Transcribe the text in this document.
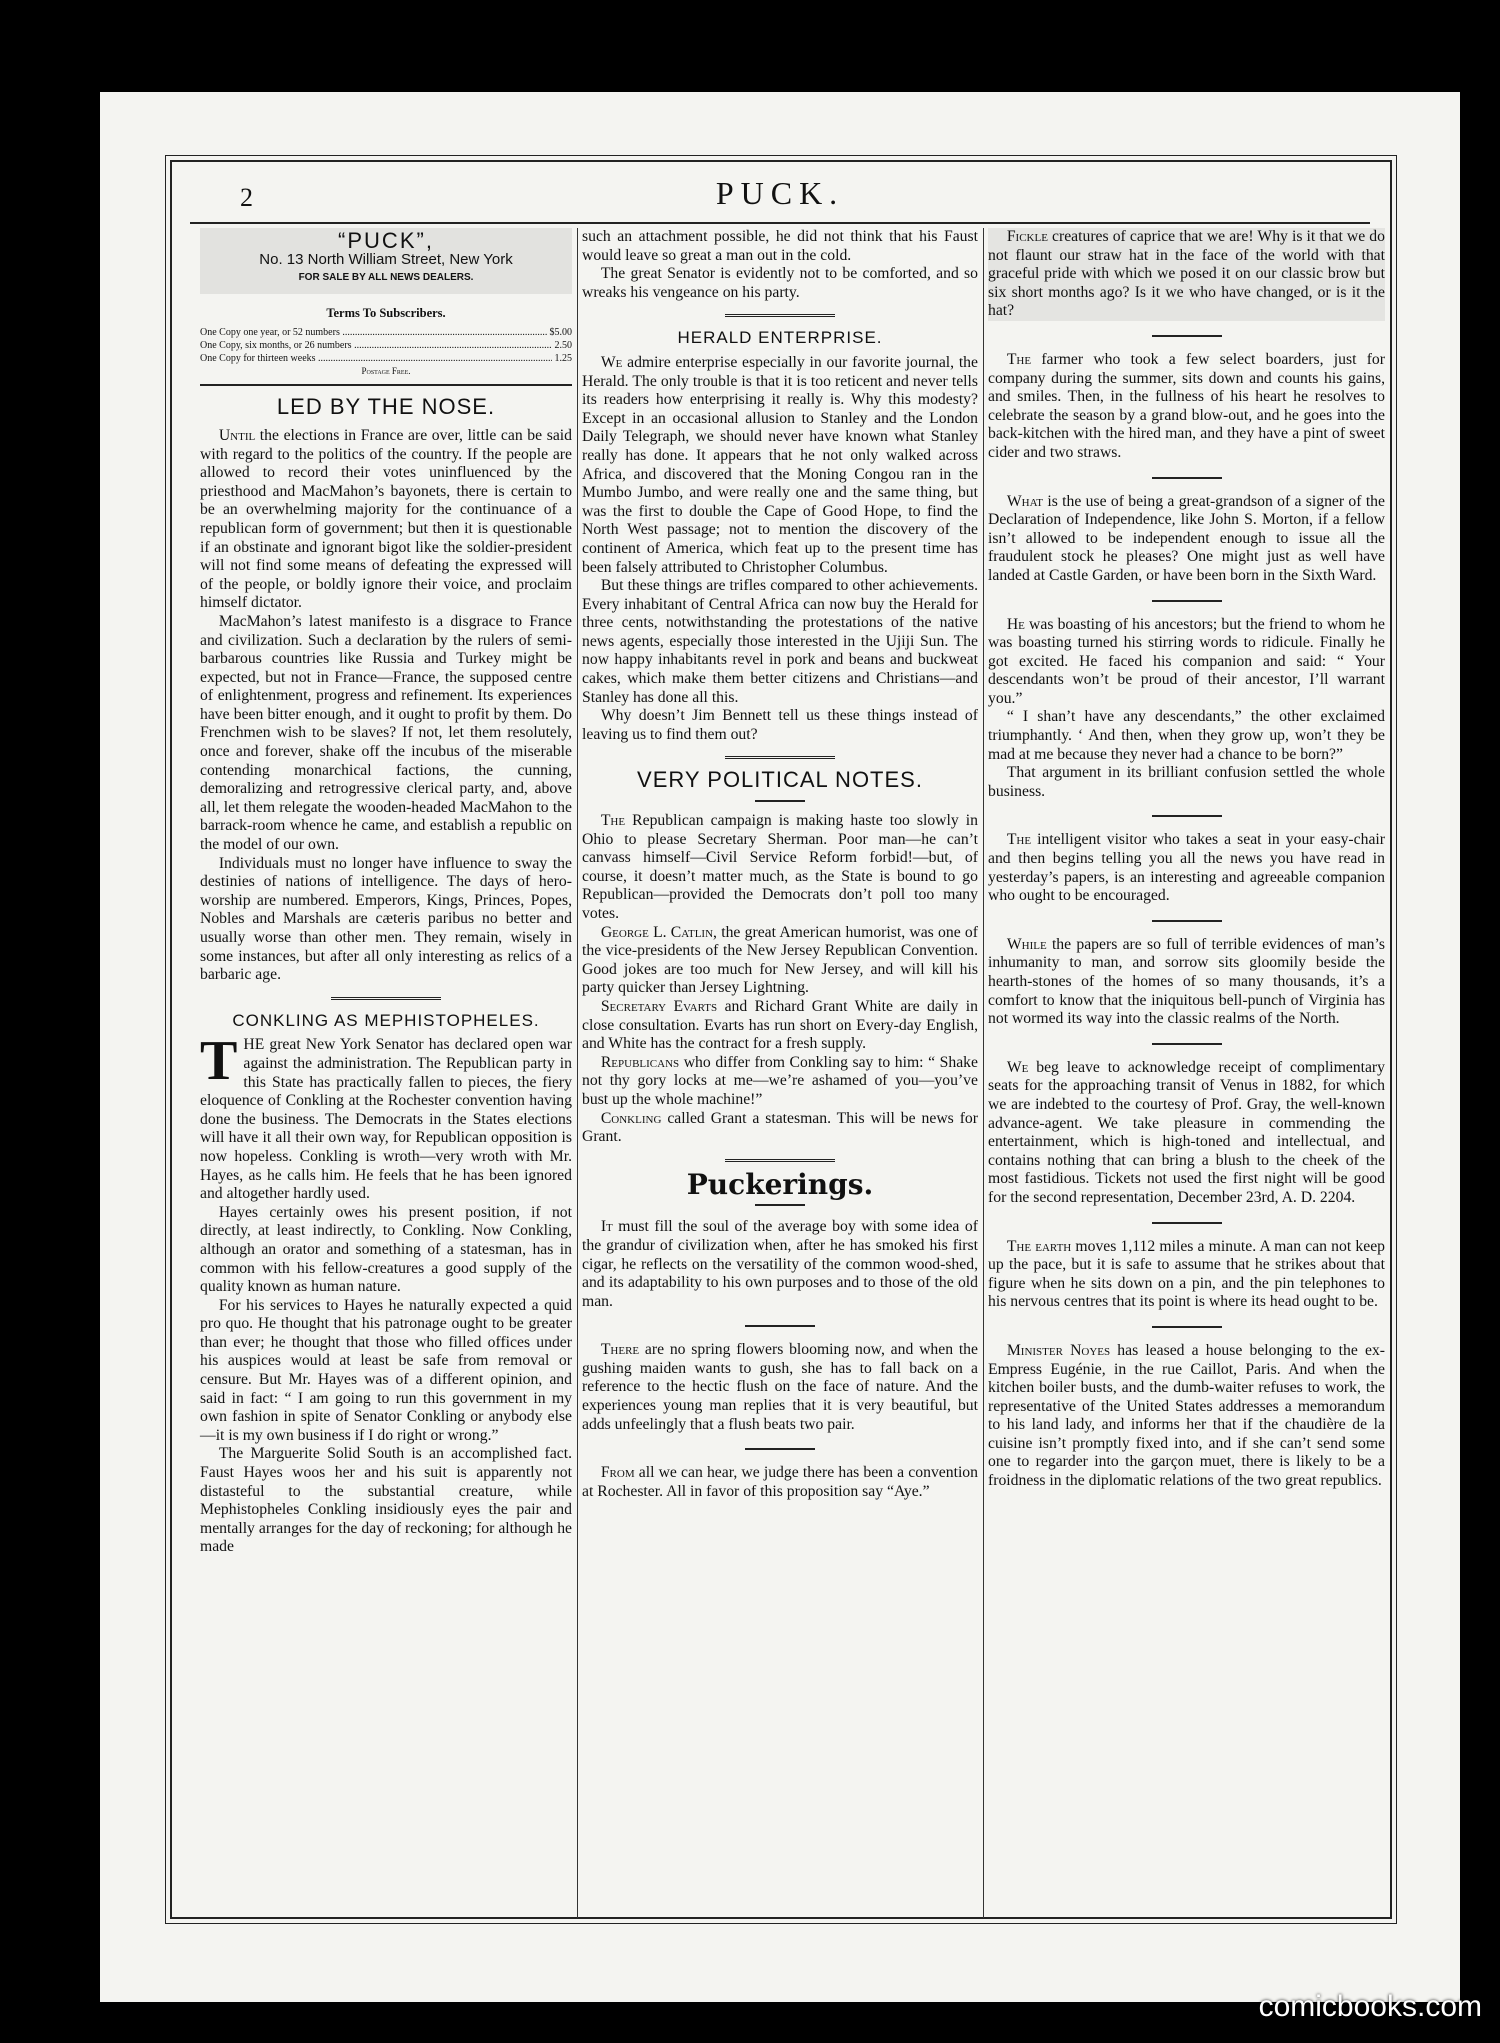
2	PUCK.
“PUCK”,
No. 13 North William Street, New York
FOR SALE BY ALL NEWS DEALERS.
Terms To Subscribers.
One Copy one year, or 52 numbers .....	$5.00
One Copy, six months, or 26 numbers .....	2.50
One Copy for thirteen weeks .....	1.25
Postage Free.
LED BY THE NOSE.

Until the elections in France are over, little can be said with regard to the politics of the country. If the people are allowed to record their votes uninfluenced by the priesthood and MacMahon’s bayonets, there is certain to be an overwhelming majority for the continuance of a republican form of government; but then it is questionable if an obstinate and ignorant bigot like the soldier-president will not find some means of defeating the expressed will of the people, or boldly ignore their voice, and proclaim himself dictator.

MacMahon’s latest manifesto is a disgrace to France and civilization. Such a declaration by the rulers of semi-barbarous countries like Russia and Turkey might be expected, but not in France—France, the supposed centre of enlightenment, progress and refinement. Its experiences have been bitter enough, and it ought to profit by them. Do Frenchmen wish to be slaves? If not, let them resolutely, once and forever, shake off the incubus of the miserable contending monarchical factions, the cunning, demoralizing and retrogressive clerical party, and, above all, let them relegate the wooden-headed MacMahon to the barrack-room whence he came, and establish a republic on the model of our own.

Individuals must no longer have influence to sway the destinies of nations of intelligence. The days of hero-worship are numbered. Emperors, Kings, Princes, Popes, Nobles and Marshals are cæteris paribus no better and usually worse than other men. They remain, wisely in some instances, but after all only interesting as relics of a barbaric age.

CONKLING AS MEPHISTOPHELES.

THE great New York Senator has declared open war against the administration. The Republican party in this State has practically fallen to pieces, the fiery eloquence of Conkling at the Rochester convention having done the business. The Democrats in the States elections will have it all their own way, for Republican opposition is now hopeless. Conkling is wroth—very wroth with Mr. Hayes, as he calls him. He feels that he has been ignored and altogether hardly used.

Hayes certainly owes his present position, if not directly, at least indirectly, to Conkling. Now Conkling, although an orator and something of a statesman, has in common with his fellow-creatures a good supply of the quality known as human nature.

For his services to Hayes he naturally expected a quid pro quo. He thought that his patronage ought to be greater than ever; he thought that those who filled offices under his auspices would at least be safe from removal or censure. But Mr. Hayes was of a different opinion, and said in fact: “ I am going to run this government in my own fashion in spite of Senator Conkling or anybody else—it is my own business if I do right or wrong.”

The Marguerite Solid South is an accomplished fact. Faust Hayes woos her and his suit is apparently not distasteful to the substantial creature, while Mephistopheles Conkling insidiously eyes the pair and mentally arranges for the day of reckoning; for although he made

such an attachment possible, he did not think that his Faust would leave so great a man out in the cold.

The great Senator is evidently not to be comforted, and so wreaks his vengeance on his party.

HERALD ENTERPRISE.

We admire enterprise especially in our favorite journal, the Herald. The only trouble is that it is too reticent and never tells its readers how enterprising it really is. Why this modesty? Except in an occasional allusion to Stanley and the London Daily Telegraph, we should never have known what Stanley really has done. It appears that he not only walked across Africa, and discovered that the Moning Congou ran in the Mumbo Jumbo, and were really one and the same thing, but was the first to double the Cape of Good Hope, to find the North West passage; not to mention the discovery of the continent of America, which feat up to the present time has been falsely attributed to Christopher Columbus.

But these things are trifles compared to other achievements. Every inhabitant of Central Africa can now buy the Herald for three cents, notwithstanding the protestations of the native news agents, especially those interested in the Ujiji Sun. The now happy inhabitants revel in pork and beans and buckweat cakes, which make them better citizens and Christians—and Stanley has done all this.

Why doesn’t Jim Bennett tell us these things instead of leaving us to find them out?

VERY POLITICAL NOTES.

The Republican campaign is making haste too slowly in Ohio to please Secretary Sherman. Poor man—he can’t canvass himself—Civil Service Reform forbid!—but, of course, it doesn’t matter much, as the State is bound to go Republican—provided the Democrats don’t poll too many votes.

George L. Catlin, the great American humorist, was one of the vice-presidents of the New Jersey Republican Convention. Good jokes are too much for New Jersey, and will kill his party quicker than Jersey Lightning.

Secretary Evarts and Richard Grant White are daily in close consultation. Evarts has run short on Every-day English, and White has the contract for a fresh supply.

Republicans who differ from Conkling say to him: “ Shake not thy gory locks at me—we’re ashamed of you—you’ve bust up the whole machine!”

Conkling called Grant a statesman. This will be news for Grant.

Puckerings.

It must fill the soul of the average boy with some idea of the grandur of civilization when, after he has smoked his first cigar, he reflects on the versatility of the common wood-shed, and its adaptability to his own purposes and to those of the old man.

There are no spring flowers blooming now, and when the gushing maiden wants to gush, she has to fall back on a reference to the hectic flush on the face of nature. And the experiences young man replies that it is very beautiful, but adds unfeelingly that a flush beats two pair.

From all we can hear, we judge there has been a convention at Rochester. All in favor of this proposition say “Aye.”

Fickle creatures of caprice that we are! Why is it that we do not flaunt our straw hat in the face of the world with that graceful pride with which we posed it on our classic brow but six short months ago? Is it we who have changed, or is it the hat?

The farmer who took a few select boarders, just for company during the summer, sits down and counts his gains, and smiles. Then, in the fullness of his heart he resolves to celebrate the season by a grand blow-out, and he goes into the back-kitchen with the hired man, and they have a pint of sweet cider and two straws.

What is the use of being a great-grandson of a signer of the Declaration of Independence, like John S. Morton, if a fellow isn’t allowed to be independent enough to issue all the fraudulent stock he pleases? One might just as well have landed at Castle Garden, or have been born in the Sixth Ward.

He was boasting of his ancestors; but the friend to whom he was boasting turned his stirring words to ridicule. Finally he got excited. He faced his companion and said: “ Your descendants won’t be proud of their ancestor, I’ll warrant you.”

“ I shan’t have any descendants,” the other exclaimed triumphantly. ‘ And then, when they grow up, won’t they be mad at me because they never had a chance to be born?”

That argument in its brilliant confusion settled the whole business.

The intelligent visitor who takes a seat in your easy-chair and then begins telling you all the news you have read in yesterday’s papers, is an interesting and agreeable companion who ought to be encouraged.

While the papers are so full of terrible evidences of man’s inhumanity to man, and sorrow sits gloomily beside the hearth-stones of the homes of so many thousands, it’s a comfort to know that the iniquitous bell-punch of Virginia has not wormed its way into the classic realms of the North.

We beg leave to acknowledge receipt of complimentary seats for the approaching transit of Venus in 1882, for which we are indebted to the courtesy of Prof. Gray, the well-known advance-agent. We take pleasure in commending the entertainment, which is high-toned and intellectual, and contains nothing that can bring a blush to the cheek of the most fastidious. Tickets not used the first night will be good for the second representation, December 23rd, A. D. 2204.

The earth moves 1,112 miles a minute. A man can not keep up the pace, but it is safe to assume that he strikes about that figure when he sits down on a pin, and the pin telephones to his nervous centres that its point is where its head ought to be.

Minister Noyes has leased a house belonging to the ex-Empress Eugénie, in the rue Caillot, Paris. And when the kitchen boiler busts, and the dumb-waiter refuses to work, the representative of the United States addresses a memorandum to his land lady, and informs her that if the chaudière de la cuisine isn’t promptly fixed into, and if she can’t send some one to regarder into the garçon muet, there is likely to be a froidness in the diplomatic relations of the two great republics.

comicbooks.com
